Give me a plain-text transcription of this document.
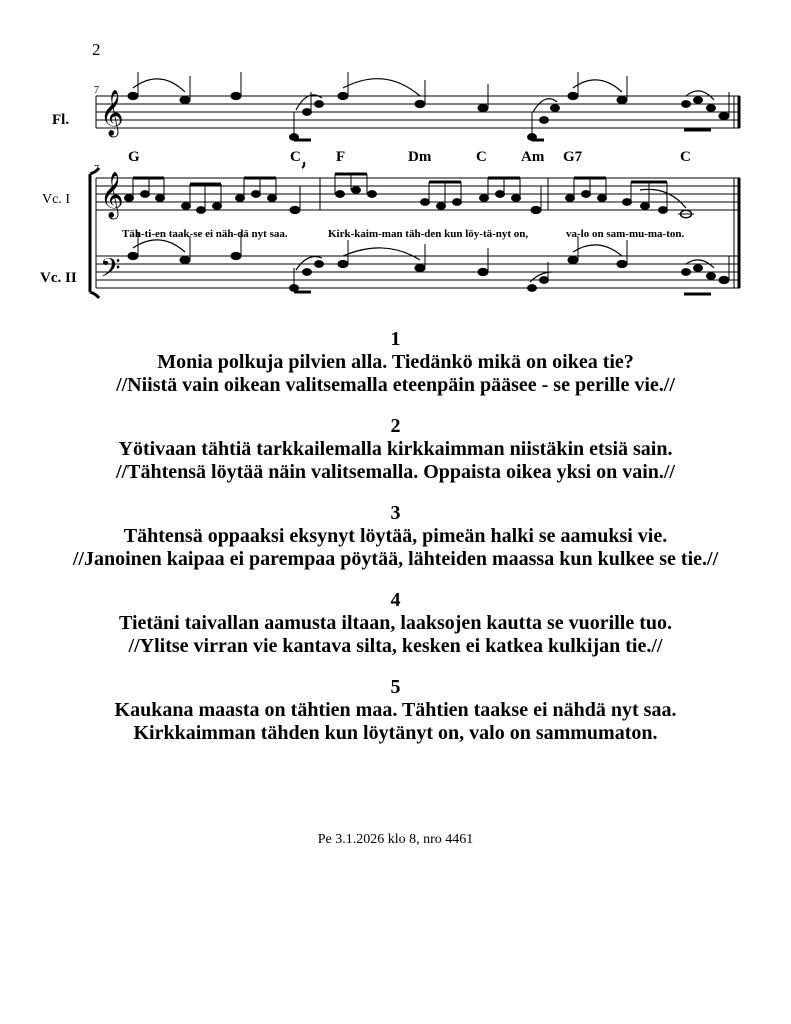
2
Fl.
Vc. I
Vc. II
7
7
𝄞
𝄞
𝄢
G	C F	Dm	C Am G7	C
Täh-ti-en taak-se ei näh-dä nyt saa.	Kirk-kaim-man täh-den kun löy-tä-nyt on,	va-lo on sam-mu-ma-ton.
1
Monia polkuja pilvien alla. Tiedänkö mikä on oikea tie?
//Niistä vain oikean valitsemalla eteenpäin pääsee - se perille vie.//
2
Yötivaan tähtiä tarkkailemalla kirkkaimman niistäkin etsiä sain.
//Tähtensä löytää näin valitsemalla. Oppaista oikea yksi on vain.//
3
Tähtensä oppaaksi eksynyt löytää, pimeän halki se aamuksi vie.
//Janoinen kaipaa ei parempaa pöytää, lähteiden maassa kun kulkee se tie.//
4
Tietäni taivallan aamusta iltaan, laaksojen kautta se vuorille tuo.
//Ylitse virran vie kantava silta, kesken ei katkea kulkijan tie.//
5
Kaukana maasta on tähtien maa. Tähtien taakse ei nähdä nyt saa.
Kirkkaimman tähden kun löytänyt on, valo on sammumaton.
Pe 3.1.2026 klo 8, nro 4461
